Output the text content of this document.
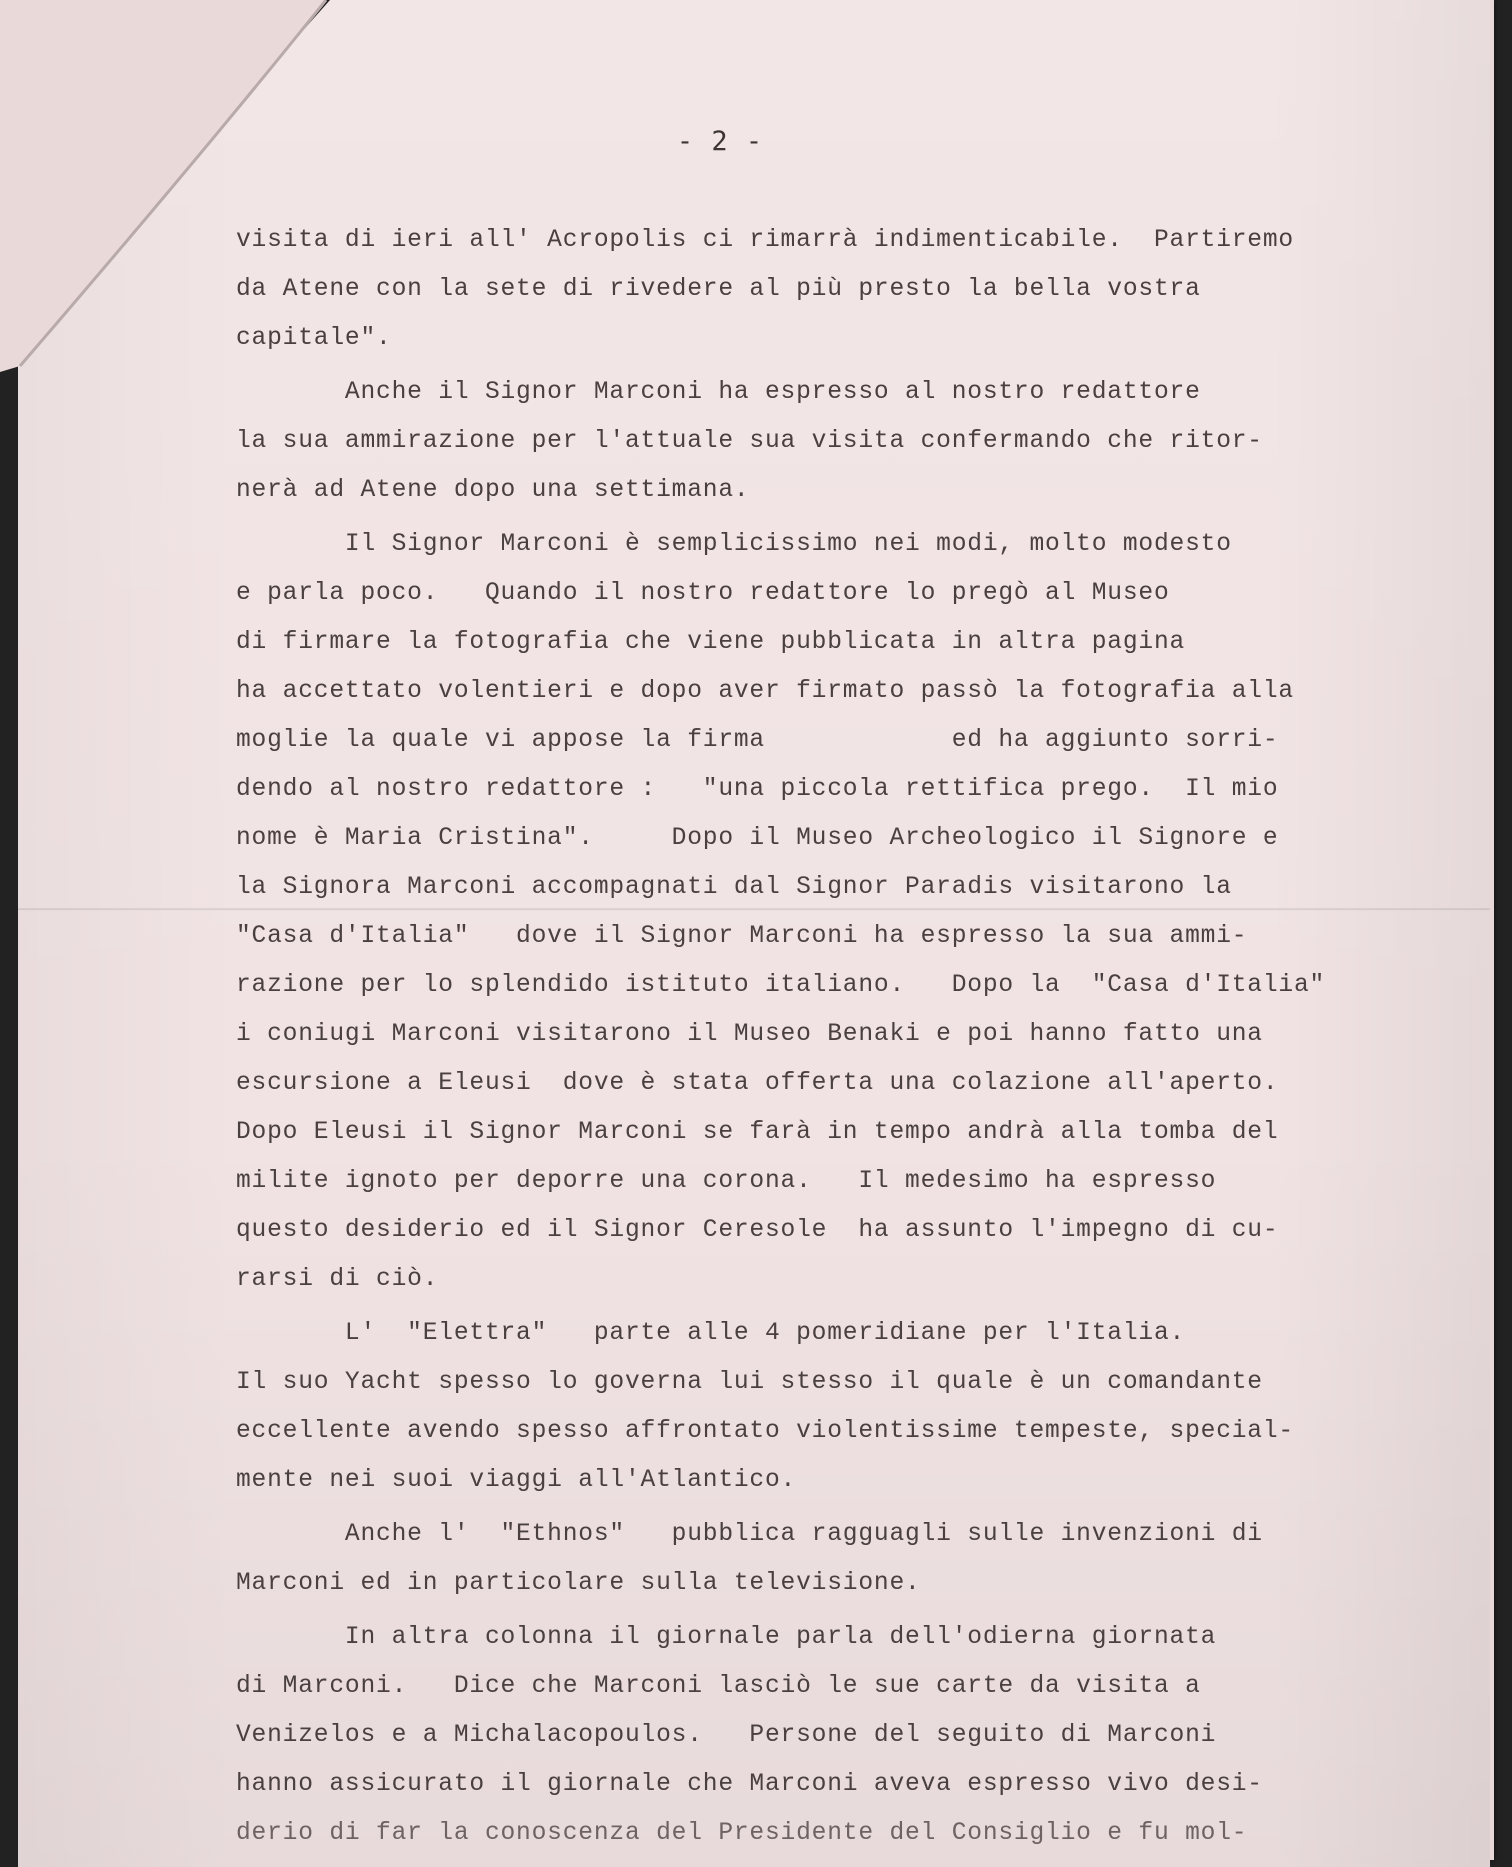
- 2 -
visita di ieri all' Acropolis ci rimarrà indimenticabile.  Partiremo
da Atene con la sete di rivedere al più presto la bella vostra
capitale".
Anche il Signor Marconi ha espresso al nostro redattore
la sua ammirazione per l'attuale sua visita confermando che ritor-
nerà ad Atene dopo una settimana.
Il Signor Marconi è semplicissimo nei modi, molto modesto
e parla poco.   Quando il nostro redattore lo pregò al Museo
di firmare la fotografia che viene pubblicata in altra pagina
ha accettato volentieri e dopo aver firmato passò la fotografia alla
moglie la quale vi appose la firma            ed ha aggiunto sorri-
dendo al nostro redattore :   "una piccola rettifica prego.  Il mio
nome è Maria Cristina".     Dopo il Museo Archeologico il Signore e
la Signora Marconi accompagnati dal Signor Paradis visitarono la
"Casa d'Italia"   dove il Signor Marconi ha espresso la sua ammi-
razione per lo splendido istituto italiano.   Dopo la  "Casa d'Italia"
i coniugi Marconi visitarono il Museo Benaki e poi hanno fatto una
escursione a Eleusi  dove è stata offerta una colazione all'aperto.
Dopo Eleusi il Signor Marconi se farà in tempo andrà alla tomba del
milite ignoto per deporre una corona.   Il medesimo ha espresso
questo desiderio ed il Signor Ceresole  ha assunto l'impegno di cu-
rarsi di ciò.
L'  "Elettra"   parte alle 4 pomeridiane per l'Italia.
Il suo Yacht spesso lo governa lui stesso il quale è un comandante
eccellente avendo spesso affrontato violentissime tempeste, special-
mente nei suoi viaggi all'Atlantico.
Anche l'  "Ethnos"   pubblica ragguagli sulle invenzioni di
Marconi ed in particolare sulla televisione.
In altra colonna il giornale parla dell'odierna giornata
di Marconi.   Dice che Marconi lasciò le sue carte da visita a
Venizelos e a Michalacopoulos.   Persone del seguito di Marconi
hanno assicurato il giornale che Marconi aveva espresso vivo desi-
derio di far la conoscenza del Presidente del Consiglio e fu mol-
